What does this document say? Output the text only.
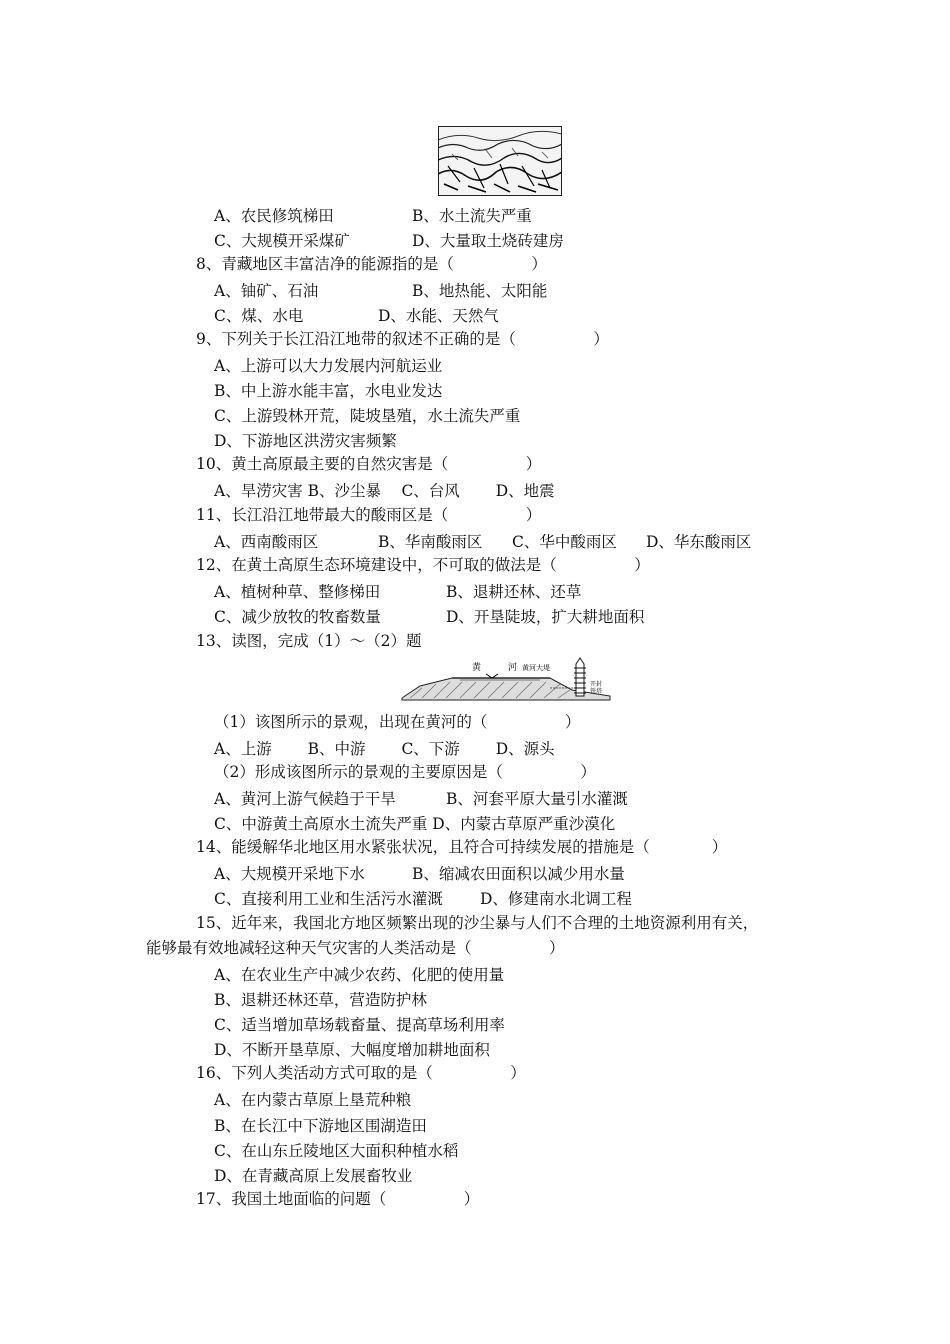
A、农民修筑梯田	B、水土流失严重
C、大规模开采煤矿	D、大量取土烧砖建房
8、青藏地区丰富洁净的能源指的是（　　　　　）
A、铀矿、石油	B、地热能、太阳能
C、煤、水电	D、水能、天然气
9、下列关于长江沿江地带的叙述不正确的是（　　　　　）
A、上游可以大力发展内河航运业
B、中上游水能丰富，水电业发达
C、上游毁林开荒，陡坡垦殖，水土流失严重
D、下游地区洪涝灾害频繁
10、黄土高原最主要的自然灾害是（　　　　　）
A、旱涝灾害 B、沙尘暴　 C、台风　　 D、地震
11、长江沿江地带最大的酸雨区是（　　　　　）
A、西南酸雨区	B、华南酸雨区 C、华中酸雨区 D、华东酸雨区
12、在黄土高原生态环境建设中，不可取的做法是（　　　　　）
A、植树种草、整修梯田	B、退耕还林、还草
C、减少放牧的牧畜数量	D、开垦陡坡，扩大耕地面积
13、读图，完成（1）～（2）题
黄	河 黄河大堤
开封
铁塔
（1）该图所示的景观，出现在黄河的（　　　　　）
A、上游　　 B、中游　　 C、下游　　 D、源头
（2）形成该图所示的景观的主要原因是（　　　　　）
A、黄河上游气候趋于干旱	B、河套平原大量引水灌溉
C、中游黄土高原水土流失严重 D、内蒙古草原严重沙漠化
14、能缓解华北地区用水紧张状况，且符合可持续发展的措施是（　　　　）
A、大规模开采地下水	B、缩减农田面积以减少用水量
C、直接利用工业和生活污水灌溉 D、修建南水北调工程
15、近年来，我国北方地区频繁出现的沙尘暴与人们不合理的土地资源利用有关，
能够最有效地减轻这种天气灾害的人类活动是（　　　　　）
A、在农业生产中减少农药、化肥的使用量
B、退耕还林还草，营造防护林
C、适当增加草场载畜量、提高草场利用率
D、不断开垦草原、大幅度增加耕地面积
16、下列人类活动方式可取的是（　　　　　）
A、在内蒙古草原上垦荒种粮
B、在长江中下游地区围湖造田
C、在山东丘陵地区大面积种植水稻
D、在青藏高原上发展畜牧业
17、我国土地面临的问题（　　　　　）
